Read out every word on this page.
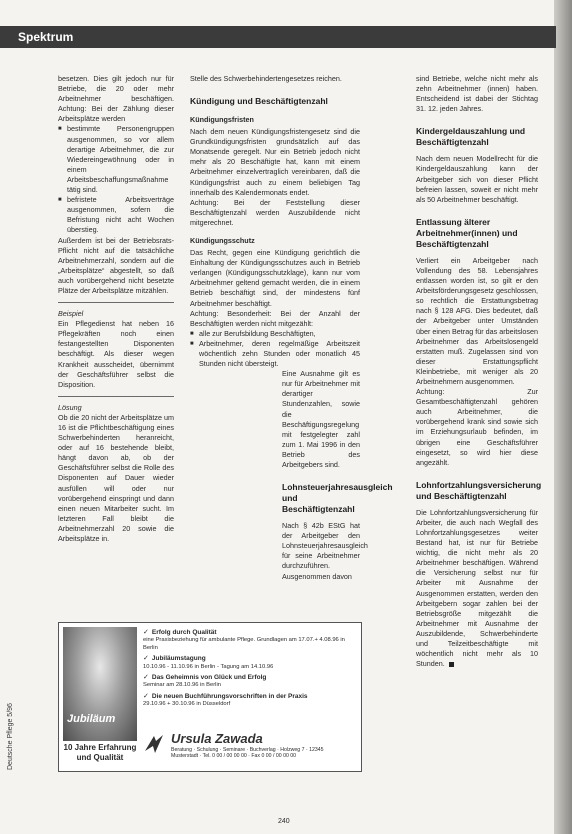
Spektrum
Deutsche Pflege 5/96

besetzen. Dies gilt jedoch nur für Betriebe, die 20 oder mehr Arbeitnehmer beschäftigen. Achtung: Bei der Zählung dieser Arbeitsplätze werden

■ bestimmte Personengruppen ausgenommen, so vor allem derartige Arbeitnehmer, die zur Wiedereingewöhnung oder in einem Arbeitsbeschaffungsmaßnahme tätig sind.
■ befristete Arbeitsverträge ausgenommen, sofern die Befristung nicht acht Wochen überstieg.

Außerdem ist bei der Betriebsrats-Pflicht nicht auf die tatsächliche Arbeitnehmerzahl, sondern auf die „Arbeitsplätze“ abgestellt, so daß auch vorübergehend nicht besetzte Plätze der Arbeitsplätze mitzählen.

Beispiel

Ein Pflegedienst hat neben 16 Pflegekräften noch einen festangestellten Disponenten beschäftigt. Als dieser wegen Krankheit ausscheidet, übernimmt der Geschäftsführer selbst die Disposition.

Lösung

Ob die 20 nicht der Arbeitsplätze um 16 ist die Pflichtbeschäftigung eines Schwerbehinderten heranreicht, oder auf 16 bestehende bleibt, hängt davon ab, ob der Geschäftsführer selbst die Rolle des Disponenten auf Dauer wieder ausfüllen will oder nur vorübergehend einspringt und dann einen neuen Mitarbeiter sucht. Im letzteren Fall bleibt die Arbeitnehmerzahl 20 sowie die Arbeitsplätze in.

Stelle des Schwerbehindertengesetzes reichen.

Kündigung und Beschäftigtenzahl
Kündigungsfristen

Nach dem neuen Kündigungsfristengesetz sind die Grundkündigungsfristen grundsätzlich auf das Monatsende geregelt. Nur ein Betrieb jedoch nicht mehr als 20 Beschäftigte hat, kann mit einem Arbeitnehmer einzelvertraglich vereinbaren, daß die Kündigungsfrist auch zu einem beliebigen Tag innerhalb des Kalendermonats endet.

Achtung: Bei der Feststellung dieser Beschäftigtenzahl werden Auszubildende nicht mitgerechnet.

Kündigungsschutz

Das Recht, gegen eine Kündigung gerichtlich die Einhaltung der Kündigungsschutzes auch in Betrieb verlangen (Kündigungsschutzklage), kann nur vom Arbeitnehmer geltend gemacht werden, die in einem Betrieb beschäftigt sind, der mindestens fünf Arbeitnehmer beschäftigt.

Achtung: Besonderheit: Bei der Anzahl der Beschäftigten werden nicht mitgezählt:

■ alle zur Berufsbildung Beschäftigten,
■ Arbeitnehmer, deren regelmäßige Arbeitszeit wöchentlich zehn Stunden oder monatlich 45 Stunden nicht übersteigt.

Eine Ausnahme gilt es nur für Arbeitnehmer mit derartiger Stundenzahlen, sowie die Beschäftigungsregelung mit festgelegter zahl zum 1. Mai 1996 in den Betrieb des Arbeitgebers sind.

Lohnsteuerjahresausgleich und Beschäftigtenzahl

Nach § 42b EStG hat der Arbeitgeber den Lohnsteuerjahresausgleich für seine Arbeitnehmer durchzuführen. Ausgenommen davon

sind Betriebe, welche nicht mehr als zehn Arbeitnehmer (innen) haben. Entscheidend ist dabei der Stichtag 31. 12. jeden Jahres.

Kindergeldauszahlung und Beschäftigtenzahl

Nach dem neuen Modellrecht für die Kindergeldauszahlung kann der Arbeitgeber sich von dieser Pflicht befreien lassen, soweit er nicht mehr als 50 Arbeitnehmer beschäftigt.

Entlassung älterer Arbeitnehmer(innen) und Beschäftigtenzahl

Verliert ein Arbeitgeber nach Vollendung des 58. Lebensjahres entlassen worden ist, so gilt er den Arbeitsförderungsgesetz geschlossen, so rechtlich die Erstattungsbetrag nach § 128 AFG. Dies bedeutet, daß der Arbeitgeber unter Umständen über einen Betrag für das arbeitslosen Arbeitnehmer das Arbeitslosengeld erstatten muß. Zugelassen sind von dieser Erstattungspflicht Kleinbetriebe, mit weniger als 20 Arbeitnehmern ausgenommen.

Achtung: Zur Gesamtbeschäftigtenzahl gehören auch Arbeitnehmer, die vorübergehend krank sind sowie sich im Erziehungsurlaub befinden, im übrigen eine Geschäftsführer eingesetzt, so wird hier diese angezählt.

Lohnfortzahlungsversicherung und Beschäftigtenzahl

Die Lohnfortzahlungsversicherung für Arbeiter, die auch nach Wegfall des Lohnfortzahlungsgesetzes weiter Bestand hat, ist nur für Betriebe wichtig, die nicht mehr als 20 Arbeitnehmer beschäftigen. Während die Versicherung selbst nur für Arbeiter mit Ausnahme der Ausgenommen erstatten, werden den Arbeitgebern sogar zahlen bei der Betriebsgröße mitgezählt die Arbeitnehmer mit Ausnahme der Auszubildende, Schwerbehinderte und Teilzeitbeschäftigte mit wöchentlich nicht mehr als 10 Stunden.

Jubiläum
10 Jahre Erfahrung und Qualität
✓ Erfolg durch Qualität
eine Praxisbeziehung für ambulante Pflege. Grundlagen am 17.07.+ 4.08.96 in Berlin
✓ Jubiläumstagung
10.10.96 - 11.10.96 in Berlin - Tagung am 14.10.96
✓ Das Geheimnis von Glück und Erfolg
Seminar am 28.10.96 in Berlin
✓ Die neuen Buchführungsvorschriften in der Praxis
29.10.96 + 30.10.96 in Düsseldorf
Ursula Zawada
Beratung · Schulung · Seminare · Buchverlag · Holzweg 7 · 12345 Musterstadt · Tel. 0 00 / 00 00 00 · Fax 0 00 / 00 00 00
240
